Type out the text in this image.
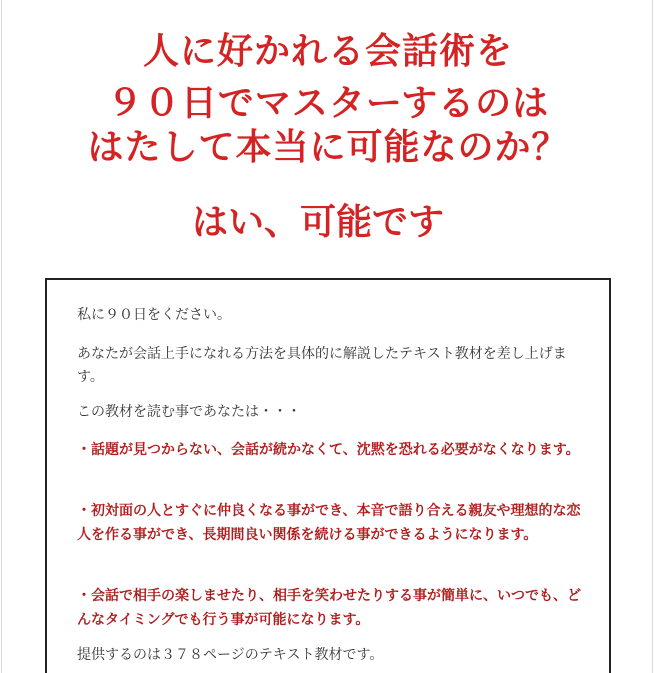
人に好かれる会話術を
９０日でマスターするのは
はたして本当に可能なのか？
はい、可能です

私に９０日をください。

あなたが会話上手になれる方法を具体的に解説したテキスト教材を差し上げます。

この教材を読む事であなたは・・・

・話題が見つからない、会話が続かなくて、沈黙を恐れる必要がなくなります。

・初対面の人とすぐに仲良くなる事ができ、本音で語り合える親友や理想的な恋人を作る事ができ、長期間良い関係を続ける事ができるようになります。

・会話で相手の楽しませたり、相手を笑わせたりする事が簡単に、いつでも、どんなタイミングでも行う事が可能になります。

提供するのは３７８ページのテキスト教材です。
